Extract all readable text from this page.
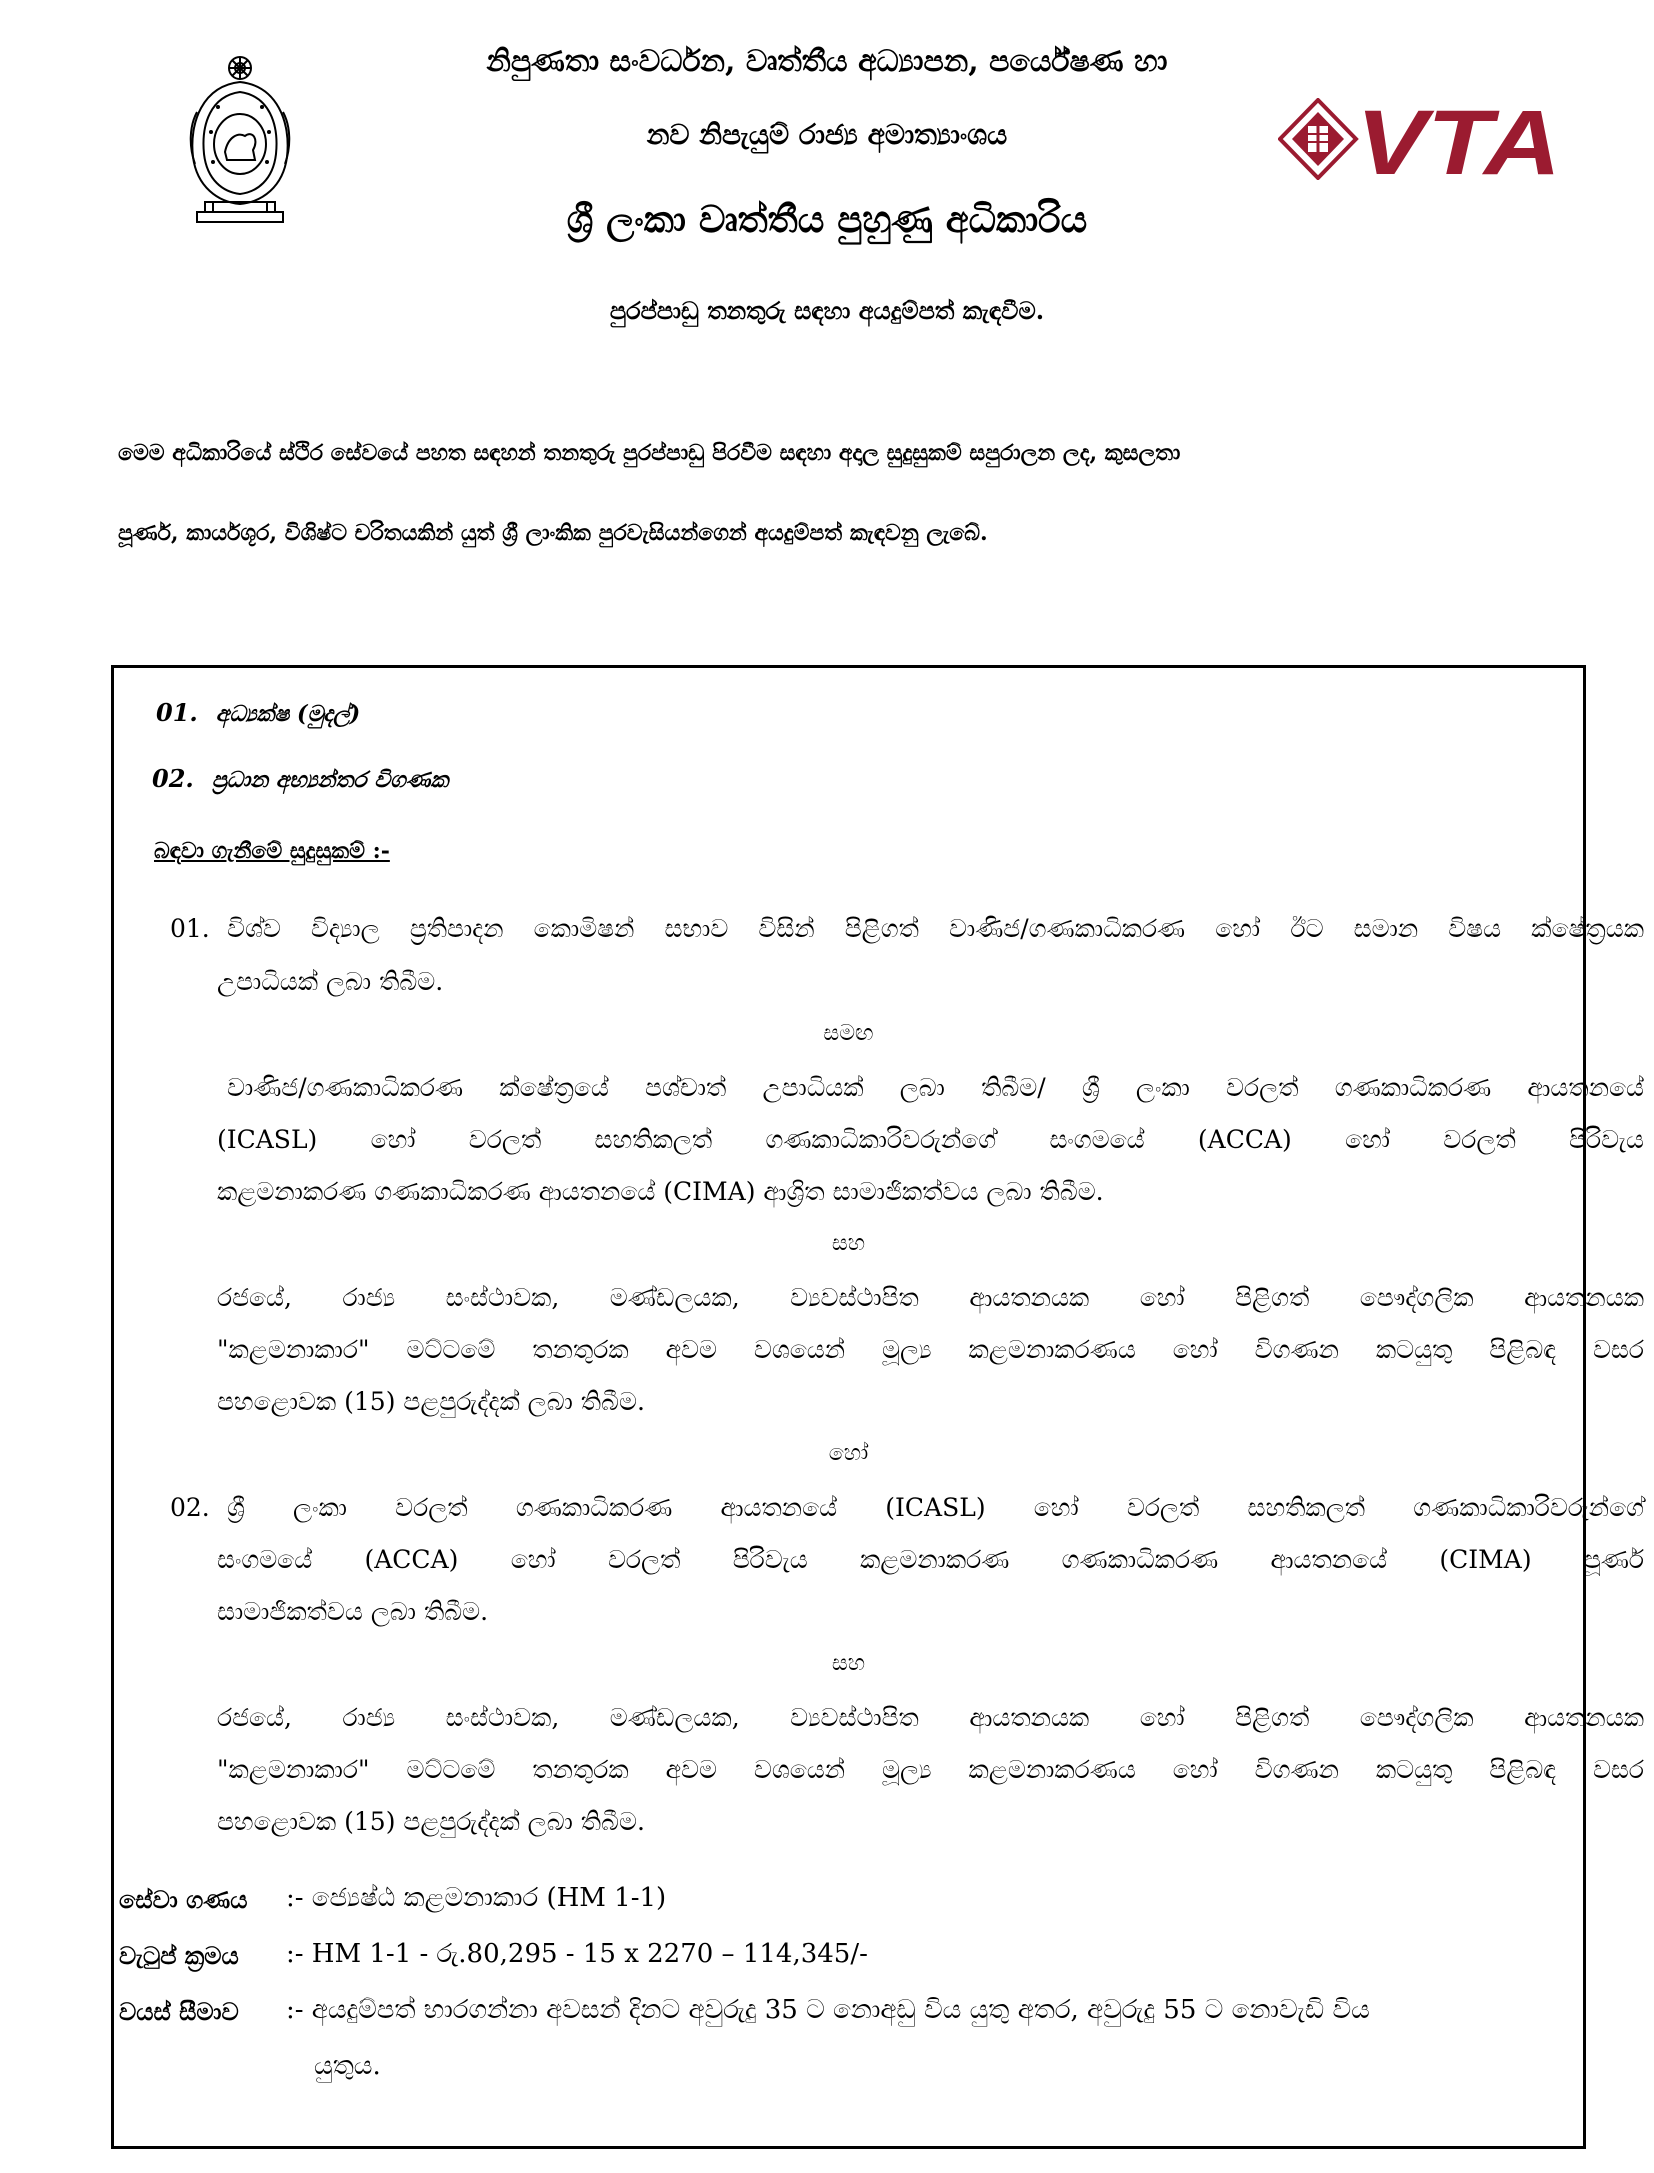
VTA
නිපුණතා සංවර්ධන, වෘත්තීය අධ්‍යාපන, පර්යේෂණ හා
නව නිපැයුම් රාජ්‍ය අමාත්‍යාංශය
ශ්‍රී ලංකා වෘත්තීය පුහුණු අධිකාරිය
පුරප්පාඩු තනතුරු සඳහා අයදුම්පත් කැඳවීම.
මෙම අධිකාරියේ ස්ථිර සේවයේ පහත සඳහන් තනතුරු පුරප්පාඩු පිරවීම සඳහා අදාල සුදුසුකම් සපුරාලන ලද, කුසලතා
පූර්ණ, කාර්යශූර, විශිෂ්ට චරිතයකින් යුත් ශ්‍රී ලාංකික පුරවැසියන්ගෙන් අයදුම්පත් කැඳවනු ලැබේ.
01. අධ්‍යක්ෂ (මුදල්)
02. ප්‍රධාන අභ්‍යන්තර විගණක
බඳවා ගැනීමේ සුදුසුකම් :-
01. විශ්ව විද්‍යාල ප්‍රතිපාදන කොමිෂන් සභාව විසින් පිළිගත් වාණිජ/ගණකාධිකරණ හෝ ඊට සමාන විෂය ක්ෂේත්‍රයක
උපාධියක් ලබා තිබීම.
සමඟ
වාණිජ/ගණකාධිකරණ ක්ෂේත්‍රයේ පශ්චාත් උපාධියක් ලබා තිබීම/ ශ්‍රී ලංකා වරලත් ගණකාධිකරණ ආයතනයේ
(ICASL) හෝ වරලත් සහතිකලත් ගණකාධිකාරිවරුන්ගේ සංගමයේ (ACCA) හෝ වරලත් පිරිවැය
කළමනාකරණ ගණකාධිකරණ ආයතනයේ (CIMA) ආශ්‍රිත සාමාජිකත්වය ලබා තිබීම.
සහ
රජයේ, රාජ්‍ය සංස්ථාවක, මණ්ඩලයක, ව්‍යවස්ථාපිත ආයතනයක හෝ පිළිගත් පෞද්ගලික ආයතනයක
"කළමනාකාර" මට්ටමේ තනතුරක අවම වශයෙන් මූල්‍ය කළමනාකරණය හෝ විගණන කටයුතු පිළිබඳ වසර
පහළොවක (15) පළපුරුද්දක් ලබා තිබීම.
හෝ
02. ශ්‍රී ලංකා වරලත් ගණකාධිකරණ ආයතනයේ (ICASL) හෝ වරලත් සහතිකලත් ගණකාධිකාරිවරුන්ගේ
සංගමයේ (ACCA) හෝ වරලත් පිරිවැය කළමනාකරණ ගණකාධිකරණ ආයතනයේ (CIMA) පූර්ණ
සාමාජිකත්වය ලබා තිබීම.
සහ
රජයේ, රාජ්‍ය සංස්ථාවක, මණ්ඩලයක, ව්‍යවස්ථාපිත ආයතනයක හෝ පිළිගත් පෞද්ගලික ආයතනයක
"කළමනාකාර" මට්ටමේ තනතුරක අවම වශයෙන් මූල්‍ය කළමනාකරණය හෝ විගණන කටයුතු පිළිබඳ වසර
පහළොවක (15) පළපුරුද්දක් ලබා තිබීම.
සේවා ගණය :- ජ්‍යෙෂ්ඨ කළමනාකාර (HM 1-1)
වැටුප් ක්‍රමය :- HM 1-1 - රු.80,295 - 15 x 2270 – 114,345/-
වයස් සීමාව :- අයදුම්පත් භාරගන්නා අවසන් දිනට අවුරුදු 35 ට නොඅඩු විය යුතු අතර, අවුරුදු 55 ට නොවැඩි විය
යුතුය.
